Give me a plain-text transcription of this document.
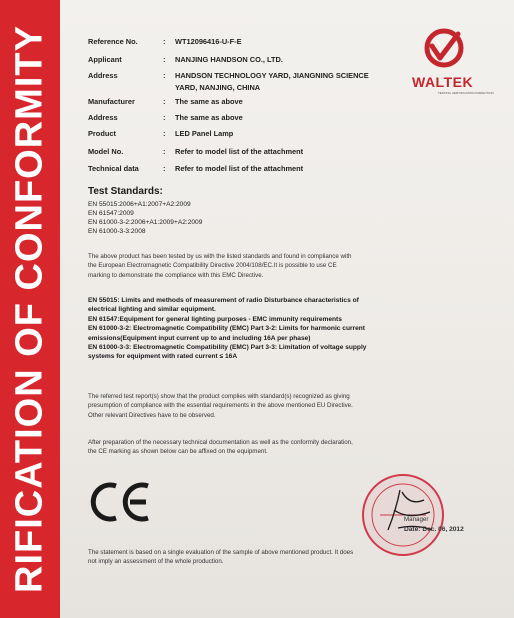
RIFICATION OF CONFORMITY	Reference No.	: WT12096416-U-F-E
Applicant	: NANJING HANDSON CO., LTD.
Address	: HANDSON TECHNOLOGY YARD, JIANGNING SCIENCE
YARD, NANJING, CHINA
Manufacturer	: The same as above
Address	: The same as above
Product	: LED Panel Lamp
Model No.	: Refer to model list of the attachment
Technical data	: Refer to model list of the attachment
WALTEK
TESTING CERTIFICATION INSPECTION
Test Standards:
EN 55015:2006+A1:2007+A2:2009
EN 61547:2009
EN 61000-3-2:2006+A1:2009+A2:2009
EN 61000-3-3:2008
The above product has been tested by us with the listed standards and found in compliance with
the European Electromagnetic Compatibility Directive 2004/108/EC.It is possible to use CE
marking to demonstrate the compliance with this EMC Directive.
EN 55015: Limits and methods of measurement of radio Disturbance characteristics of
electrical lighting and similar equipment.
EN 61547:Equipment for general lighting purposes - EMC immunity requirements
EN 61000-3-2: Electromagnetic Compatibility (EMC) Part 3-2: Limits for harmonic current
emissions(Equipment input current up to and including 16A per phase)
EN 61000-3-3: Electromagnetic Compatibility (EMC) Part 3-3: Limitation of voltage supply
systems for equipment with rated current ≤ 16A
The referred test report(s) show that the product complies with standard(s) recognized as giving
presumption of compliance with the essential requirements in the above mentioned EU Directive.
Other relevant Directives have to be observed.
After preparation of the necessary technical documentation as well as the conformity declaration,
the CE marking as shown below can be affixed on the equipment.
CE
Manager
Date: Dec. 06, 2012
The statement is based on a single evaluation of the sample of above mentioned product. It does
not imply an assessment of the whole production.
